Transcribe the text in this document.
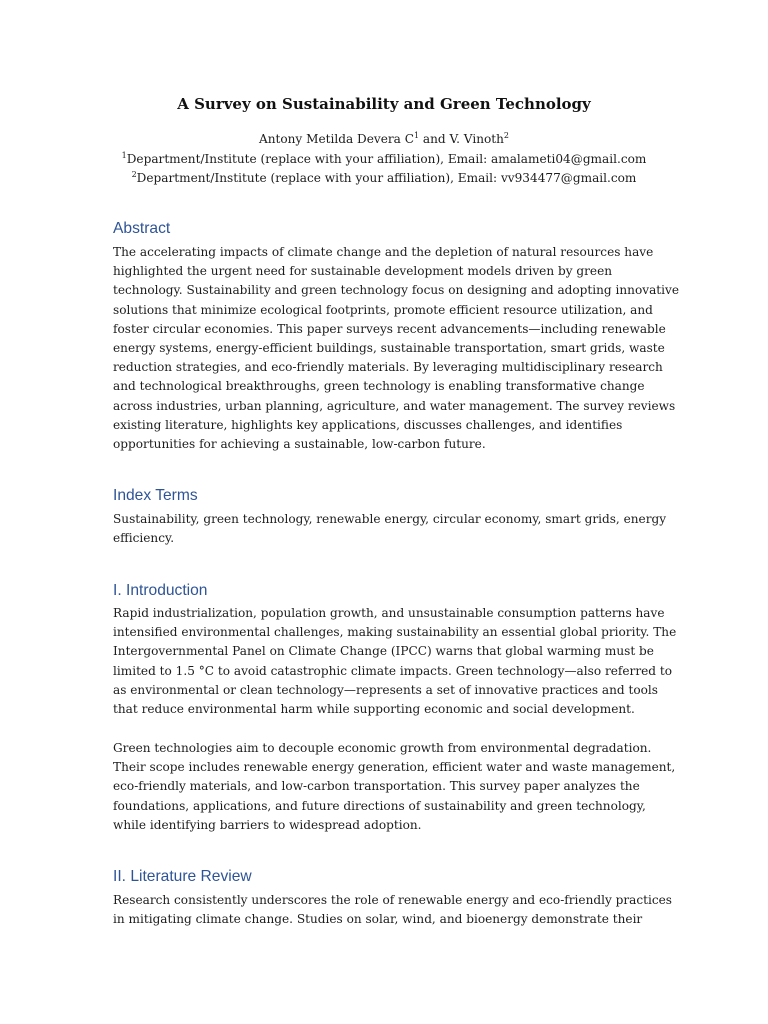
A Survey on Sustainability and Green Technology
Antony Metilda Devera $C^1$ and V. Vinoth$^2$
$^1$Department/Institute (replace with your affiliation), Email: amalameti04@gmail.com
$^2$Department/Institute (replace with your affiliation), Email: vv934477@gmail.com
Abstract
The accelerating impacts of climate change and the depletion of natural resources have
highlighted the urgent need for sustainable development models driven by green
technology. Sustainability and green technology focus on designing and adopting innovative
solutions that minimize ecological footprints, promote efficient resource utilization, and
foster circular economies. This paper surveys recent advancements—including renewable
energy systems, energy-efficient buildings, sustainable transportation, smart grids, waste
reduction strategies, and eco-friendly materials. By leveraging multidisciplinary research
and technological breakthroughs, green technology is enabling transformative change
across industries, urban planning, agriculture, and water management. The survey reviews
existing literature, highlights key applications, discusses challenges, and identifies
opportunities for achieving a sustainable, low-carbon future.
Index Terms
Sustainability, green technology, renewable energy, circular economy, smart grids, energy
efficiency.
I. Introduction
Rapid industrialization, population growth, and unsustainable consumption patterns have
intensified environmental challenges, making sustainability an essential global priority. The
Intergovernmental Panel on Climate Change (IPCC) warns that global warming must be
limited to 1.5 °C to avoid catastrophic climate impacts. Green technology—also referred to
as environmental or clean technology—represents a set of innovative practices and tools
that reduce environmental harm while supporting economic and social development.
Green technologies aim to decouple economic growth from environmental degradation.
Their scope includes renewable energy generation, efficient water and waste management,
eco-friendly materials, and low-carbon transportation. This survey paper analyzes the
foundations, applications, and future directions of sustainability and green technology,
while identifying barriers to widespread adoption.
II. Literature Review
Research consistently underscores the role of renewable energy and eco-friendly practices
in mitigating climate change. Studies on solar, wind, and bioenergy demonstrate their
